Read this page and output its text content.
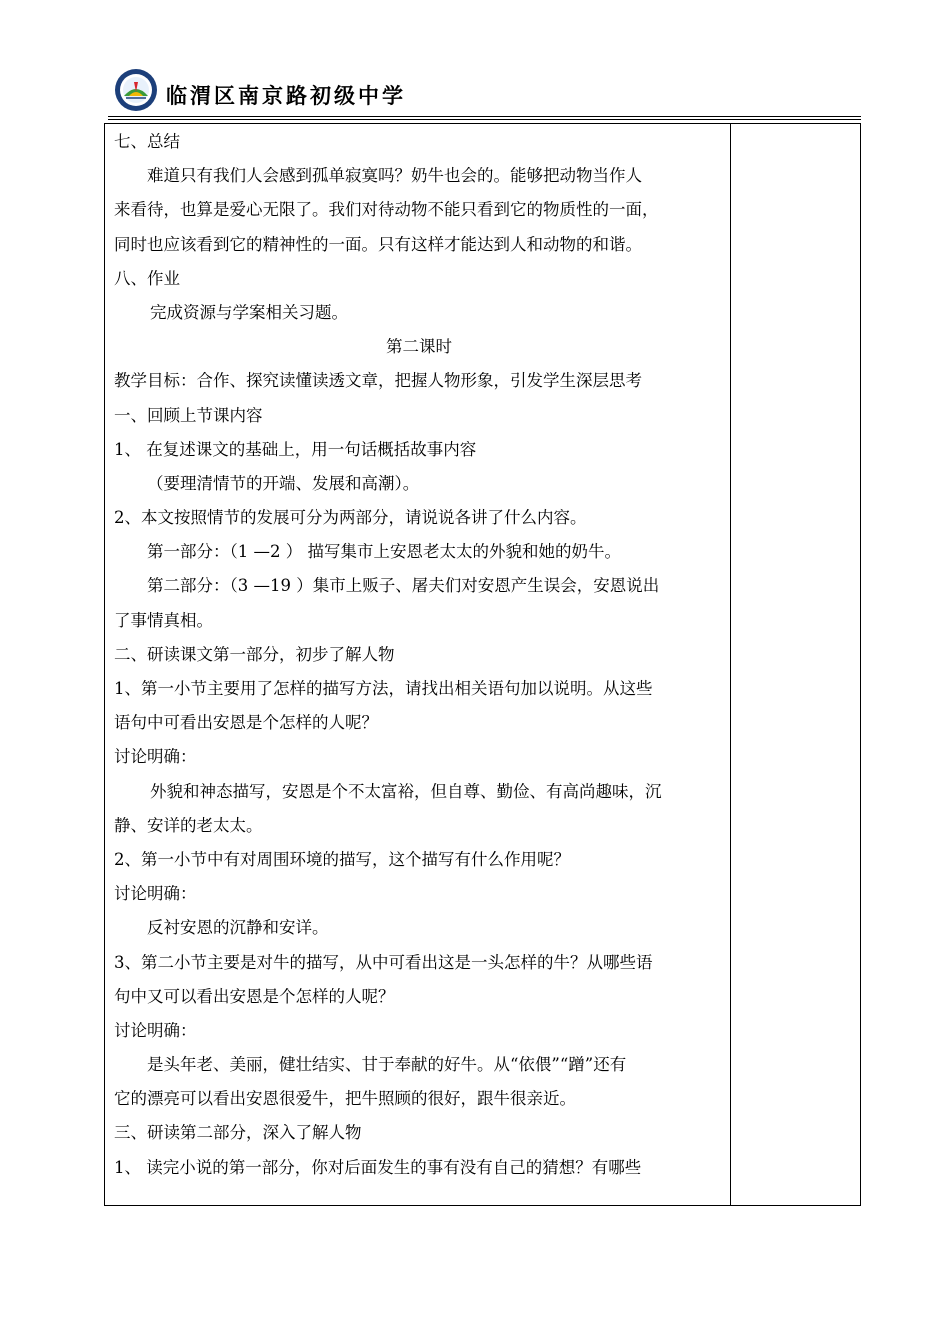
临渭区南京路初级中学
七、总结
难道只有我们人会感到孤单寂寞吗？奶牛也会的。能够把动物当作人
来看待，也算是爱心无限了。我们对待动物不能只看到它的物质性的一面，
同时也应该看到它的精神性的一面。只有这样才能达到人和动物的和谐。
八、作业
完成资源与学案相关习题。
第二课时
教学目标：合作、探究读懂读透文章，把握人物形象，引发学生深层思考
一、回顾上节课内容
1、 在复述课文的基础上，用一句话概括故事内容
（要理清情节的开端、发展和高潮）。
2、本文按照情节的发展可分为两部分，请说说各讲了什么内容。
第一部分：（1 —2 ） 描写集市上安恩老太太的外貌和她的奶牛。
第二部分：（3 —19 ）集市上贩子、屠夫们对安恩产生误会，安恩说出
了事情真相。
二、研读课文第一部分，初步了解人物
1、第一小节主要用了怎样的描写方法，请找出相关语句加以说明。从这些
语句中可看出安恩是个怎样的人呢？
讨论明确：
外貌和神态描写，安恩是个不太富裕，但自尊、勤俭、有高尚趣味，沉
静、安详的老太太。
2、第一小节中有对周围环境的描写，这个描写有什么作用呢？
讨论明确：
反衬安恩的沉静和安详。
3、第二小节主要是对牛的描写，从中可看出这是一头怎样的牛？从哪些语
句中又可以看出安恩是个怎样的人呢？
讨论明确：
是头年老、美丽，健壮结实、甘于奉献的好牛。从“依偎”“蹭”还有
它的漂亮可以看出安恩很爱牛，把牛照顾的很好，跟牛很亲近。
三、研读第二部分，深入了解人物
1、 读完小说的第一部分，你对后面发生的事有没有自己的猜想？有哪些
